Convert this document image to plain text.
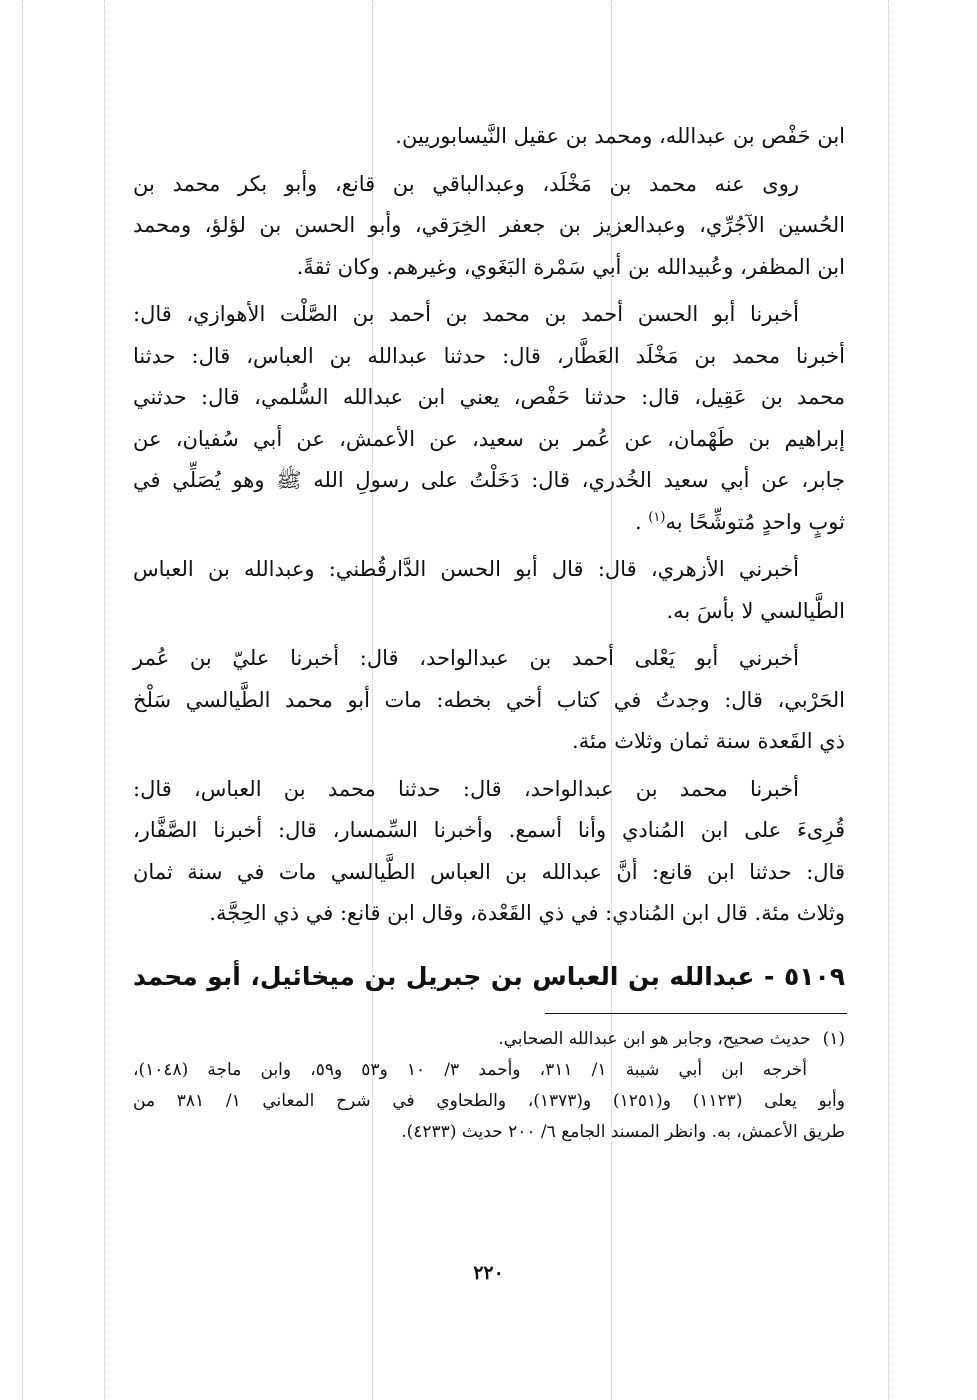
ابن حَفْص بن عبدالله، ومحمد بن عقيل النَّيسابوريين.

روى عنه محمد بن مَخْلَد، وعبدالباقي بن قانع، وأبو بكر محمد بن
الحُسين الآجُرِّي، وعبدالعزيز بن جعفر الخِرَقي، وأبو الحسن بن لؤلؤ، ومحمد
ابن المظفر، وعُبيدالله بن أبي سَمْرة البَغَوي، وغيرهم. وكان ثقةً.

أخبرنا أبو الحسن أحمد بن محمد بن أحمد بن الصَّلْت الأهوازي، قال:
أخبرنا محمد بن مَخْلَد العَطَّار، قال: حدثنا عبدالله بن العباس، قال: حدثنا
محمد بن عَقِيل، قال: حدثنا حَفْص، يعني ابن عبدالله السُّلمي، قال: حدثني
إبراهيم بن طَهْمان، عن عُمر بن سعيد، عن الأعمش، عن أبي سُفيان، عن
جابر، عن أبي سعيد الخُدري، قال: دَخَلْتُ على رسولِ الله ﷺ وهو يُصَلِّي في
ثوبٍ واحدٍ مُتوشِّحًا به$^{(١)}$ .

أخبرني الأزهري، قال: قال أبو الحسن الدَّارقُطني: وعبدالله بن العباس
الطَّيالسي لا بأسَ به.

أخبرني أبو يَعْلى أحمد بن عبدالواحد، قال: أخبرنا عليّ بن عُمر
الحَرْبي، قال: وجدتُ في كتاب أخي بخطه: مات أبو محمد الطَّيالسي سَلْخ
ذي القَعدة سنة ثمان وثلاث مئة.

أخبرنا محمد بن عبدالواحد، قال: حدثنا محمد بن العباس، قال:
قُرِىءَ على ابن المُنادي وأنا أسمع. وأخبرنا السِّمسار، قال: أخبرنا الصَّفَّار،
قال: حدثنا ابن قانع: أنَّ عبدالله بن العباس الطَّيالسي مات في سنة ثمان
وثلاث مئة. قال ابن المُنادي: في ذي القَعْدة، وقال ابن قانع: في ذي الحِجَّة.

٥١٠٩ - عبدالله بن العباس بن جبريل بن ميخائيل، أبو محمد
(١)حديث صحيح، وجابر هو ابن عبدالله الصحابي.
أخرجه ابن أبي شيبة ١/ ٣١١، وأحمد ٣/ ١٠ و٥٣ و٥٩، وابن ماجة (١٠٤٨)،
وأبو يعلى (١١٢٣) و(١٢٥١) و(١٣٧٣)، والطحاوي في شرح المعاني ١/ ٣٨١ من
طريق الأعمش، به. وانظر المسند الجامع ٦/ ٢٠٠ حديث (٤٢٣٣).
٢٢٠
